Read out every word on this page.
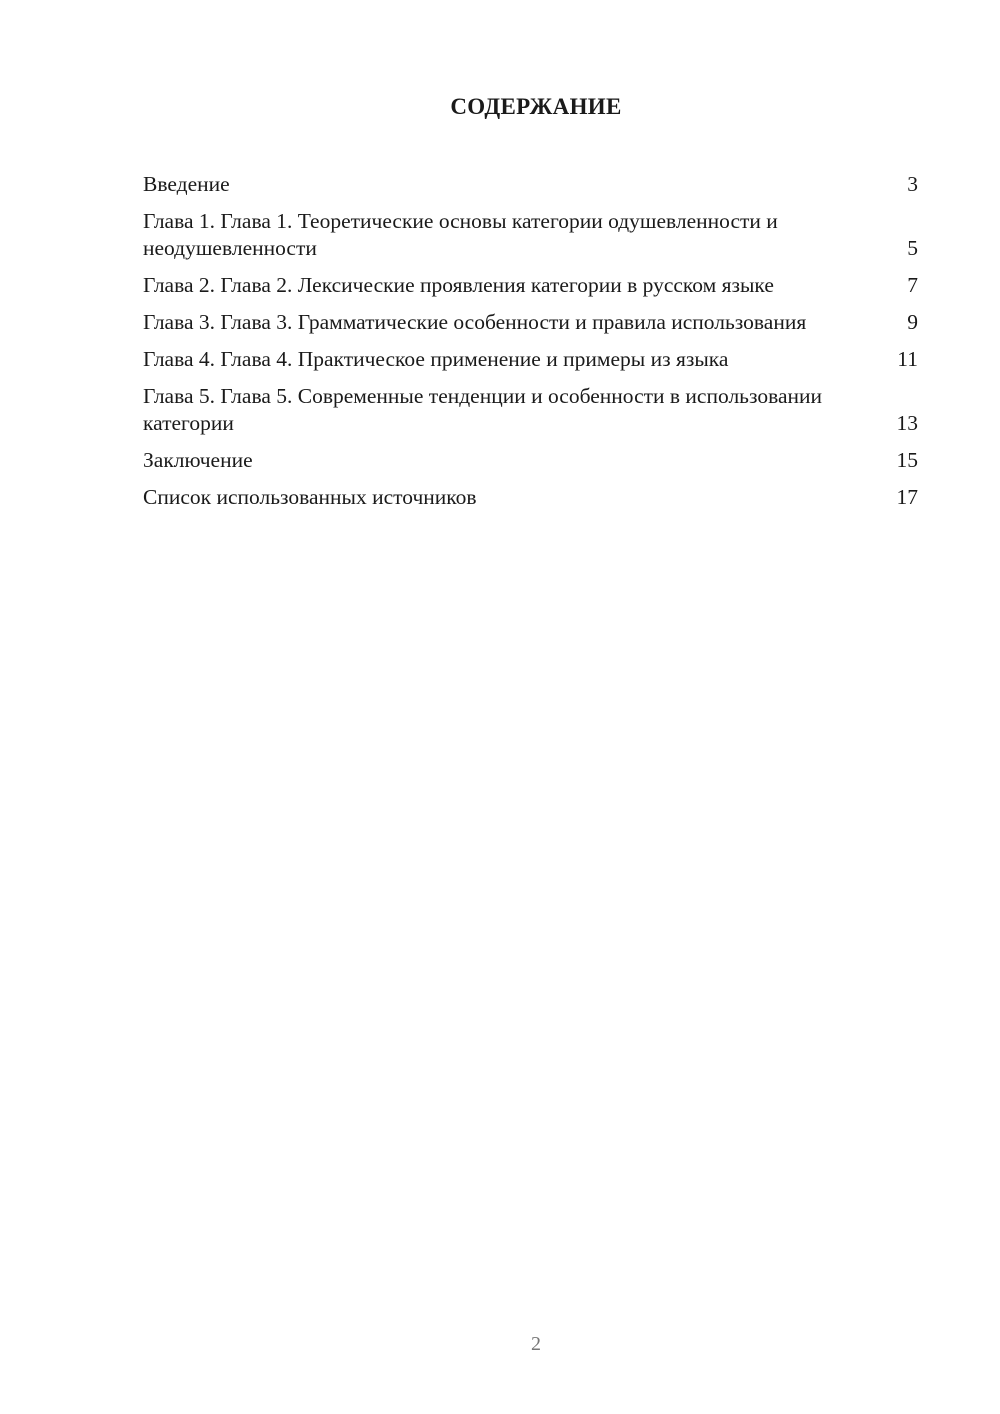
СОДЕРЖАНИЕ
Введение	3
Глава 1. Глава 1. Теоретические основы категории одушевленности и неодушевленности	5
Глава 2. Глава 2. Лексические проявления категории в русском языке	7
Глава 3. Глава 3. Грамматические особенности и правила использования	9
Глава 4. Глава 4. Практическое применение и примеры из языка	11
Глава 5. Глава 5. Современные тенденции и особенности в использовании категории	13
Заключение	15
Список использованных источников	17
2
